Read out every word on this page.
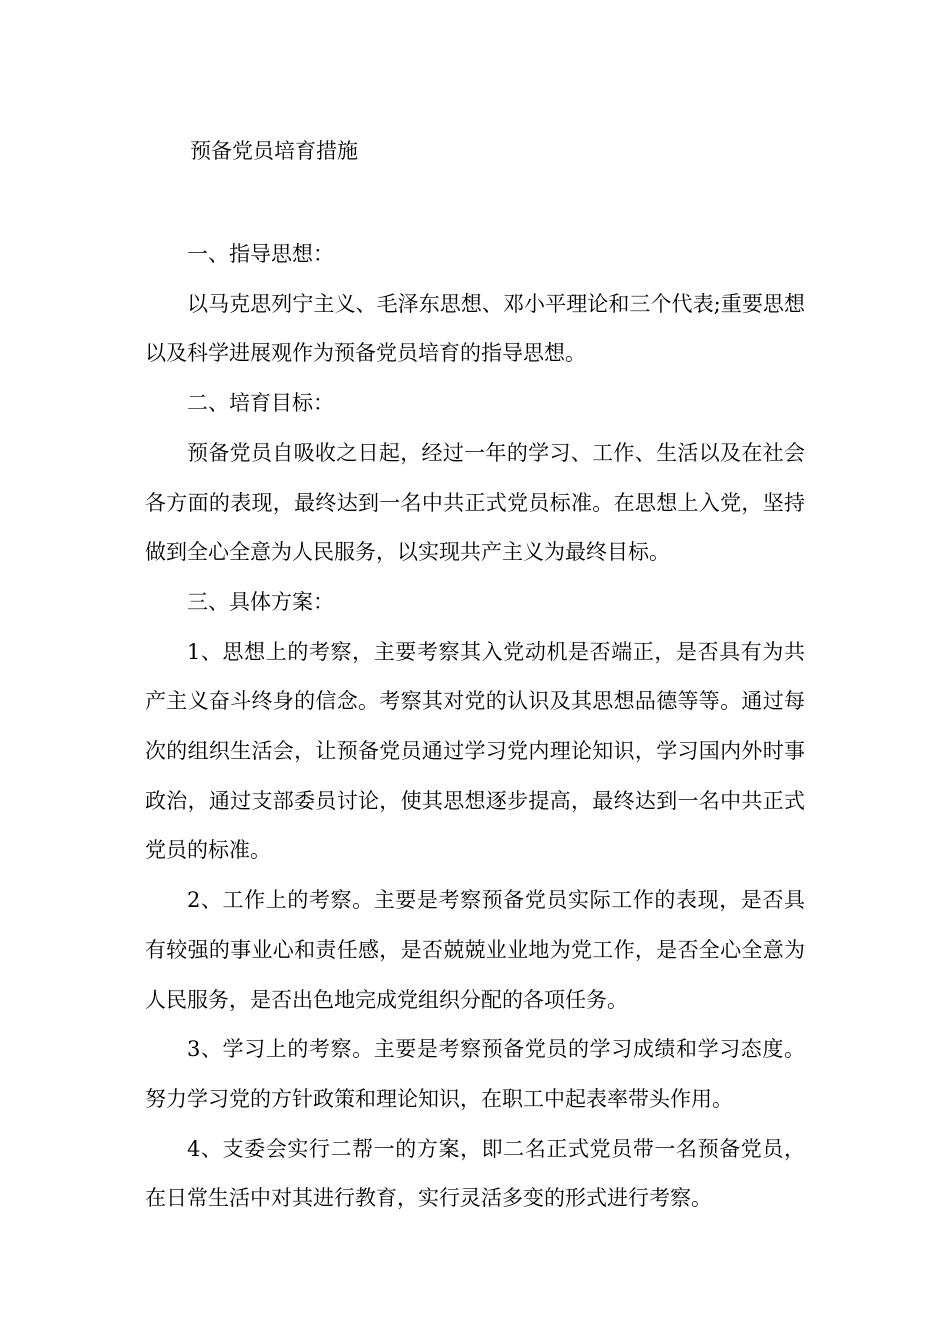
预备党员培育措施

一、指导思想：

以马克思列宁主义、毛泽东思想、邓小平理论和三个代表;重要思想以及科学进展观作为预备党员培育的指导思想。

二、培育目标：

预备党员自吸收之日起，经过一年的学习、工作、生活以及在社会各方面的表现，最终达到一名中共正式党员标准。在思想上入党，坚持做到全心全意为人民服务，以实现共产主义为最终目标。

三、具体方案：

1、思想上的考察，主要考察其入党动机是否端正，是否具有为共产主义奋斗终身的信念。考察其对党的认识及其思想品德等等。通过每次的组织生活会，让预备党员通过学习党内理论知识，学习国内外时事政治，通过支部委员讨论，使其思想逐步提高，最终达到一名中共正式党员的标准。

2、工作上的考察。主要是考察预备党员实际工作的表现，是否具有较强的事业心和责任感，是否兢兢业业地为党工作，是否全心全意为人民服务，是否出色地完成党组织分配的各项任务。

3、学习上的考察。主要是考察预备党员的学习成绩和学习态度。努力学习党的方针政策和理论知识，在职工中起表率带头作用。

4、支委会实行二帮一的方案，即二名正式党员带一名预备党员，在日常生活中对其进行教育，实行灵活多变的形式进行考察。
